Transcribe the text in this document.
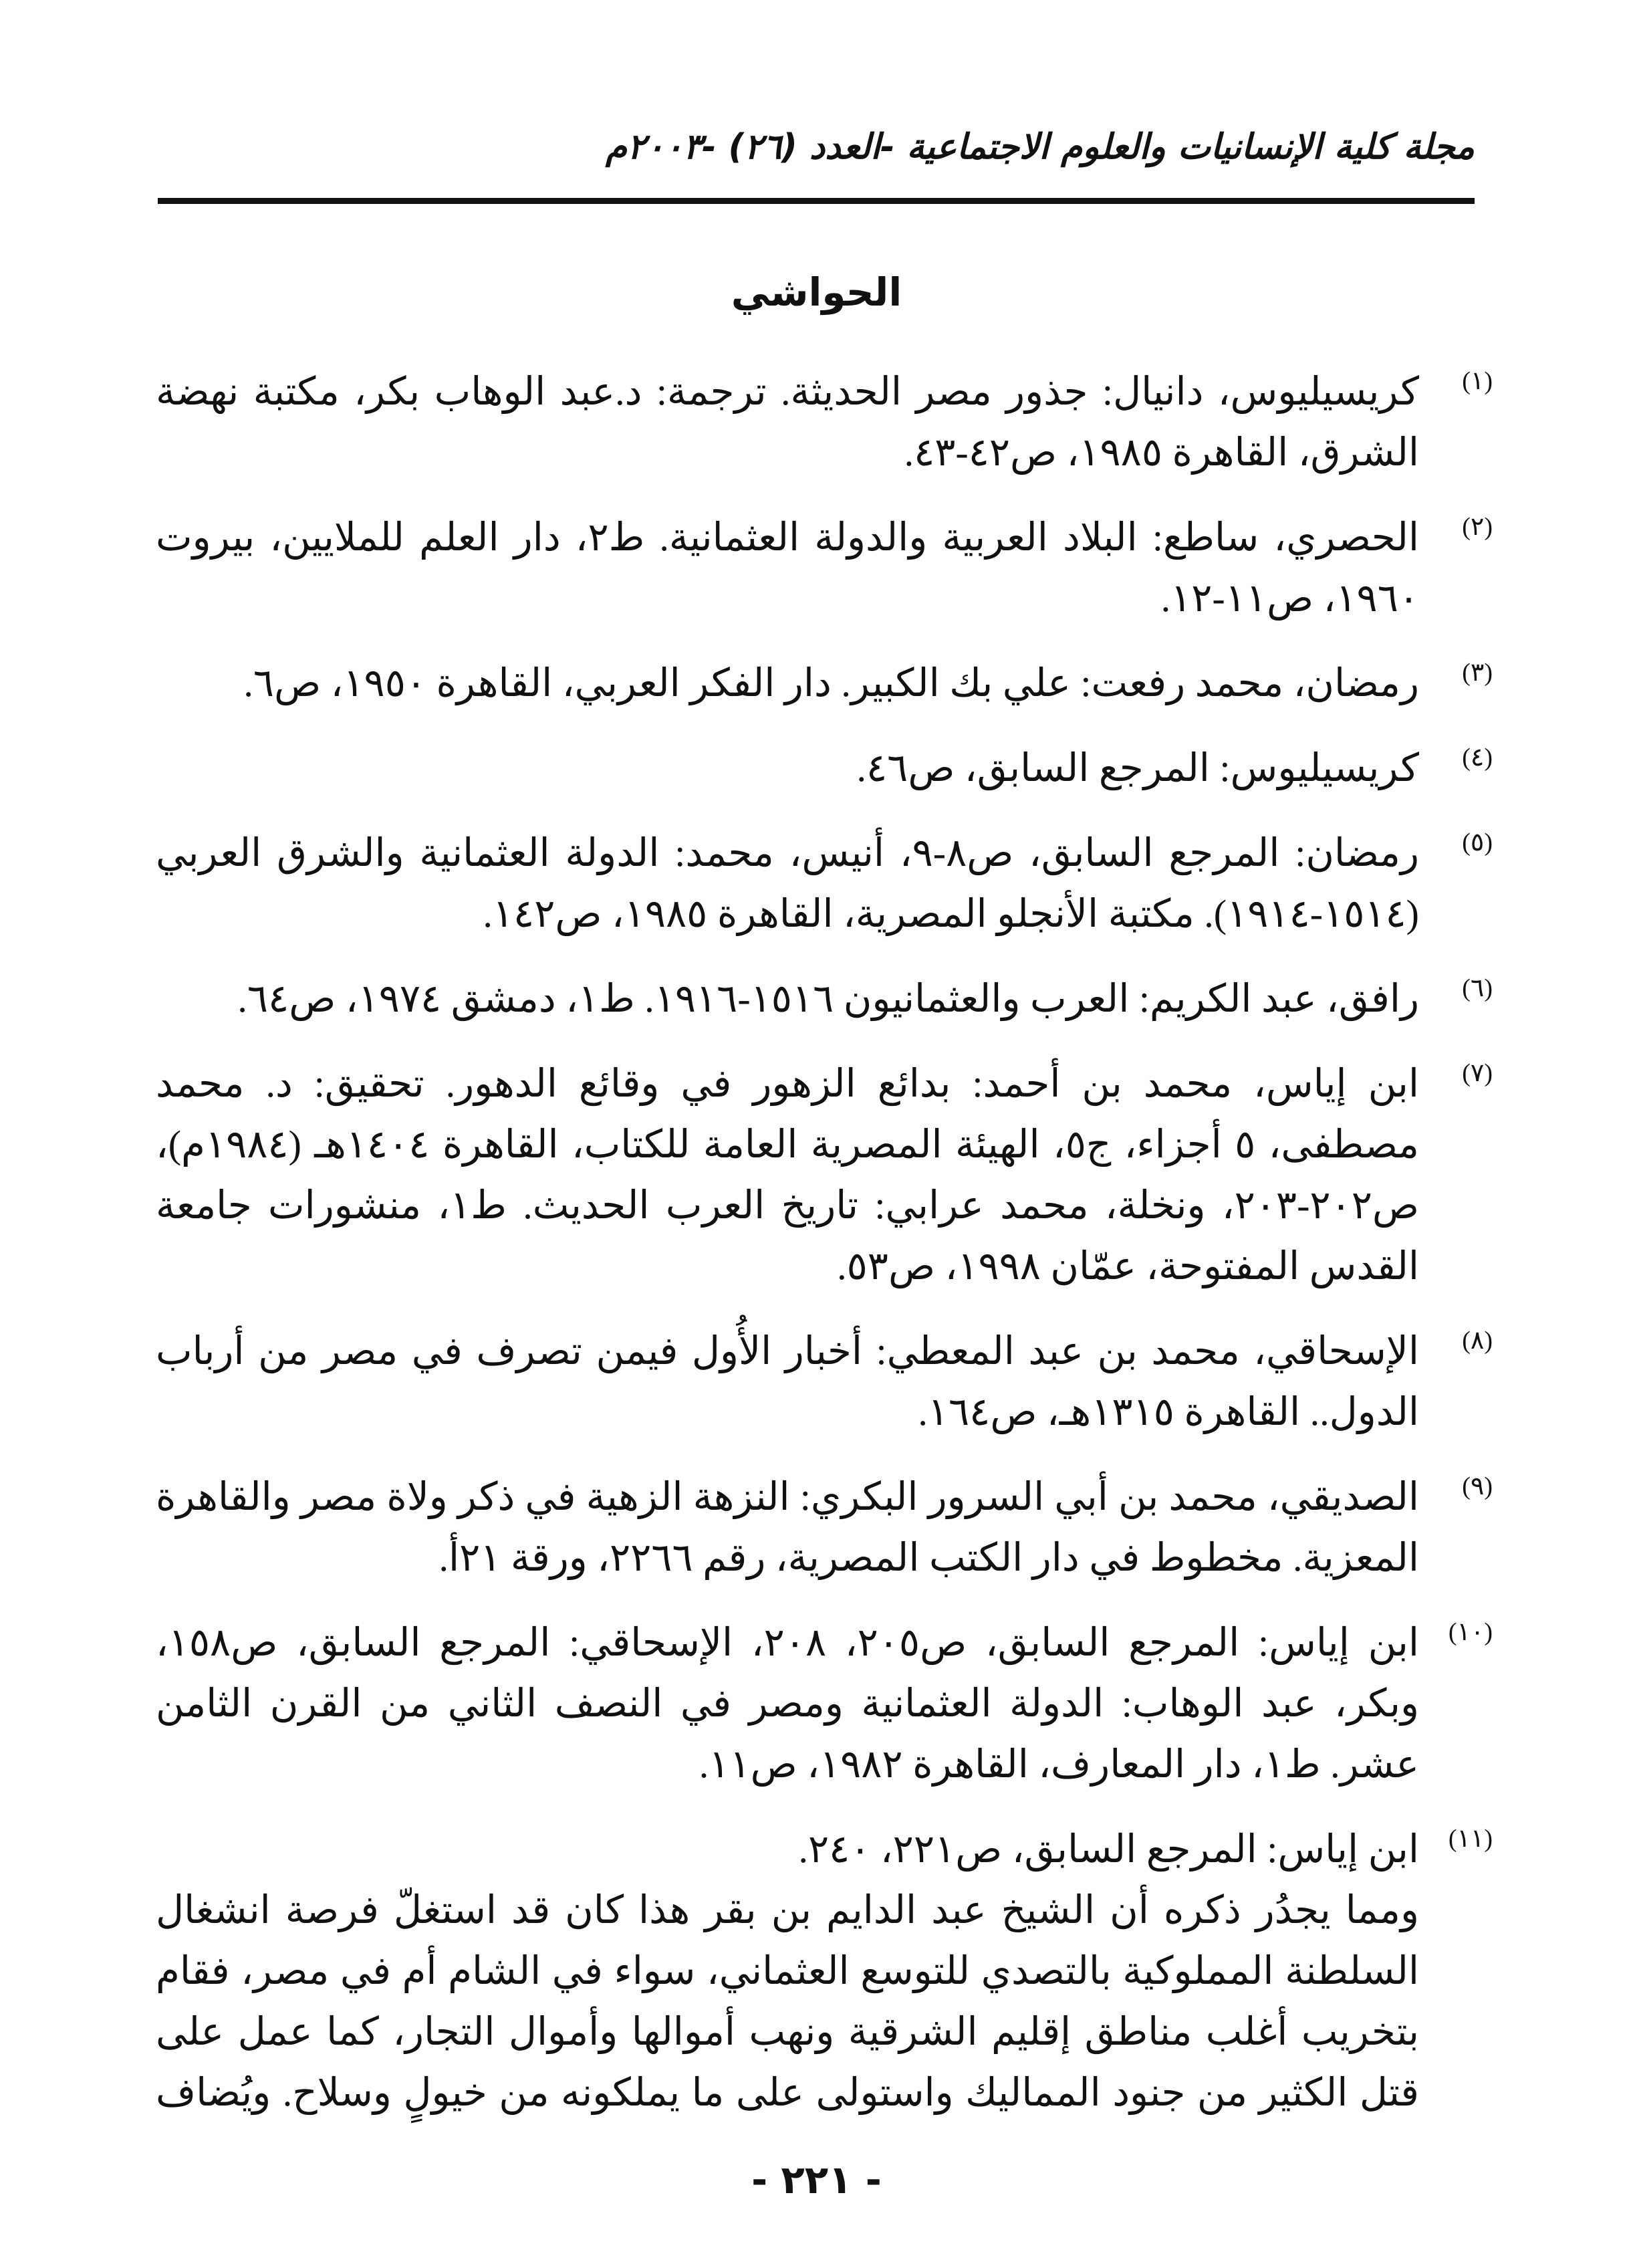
مجلة كلية الإنسانيات والعلوم الاجتماعية -العدد (٢٦) -٢٠٠٣م
الحواشي
(١)

كريسيليوس، دانيال: جذور مصر الحديثة. ترجمة: د.عبد الوهاب بكر، مكتبة نهضة الشرق، القاهرة ١٩٨٥، ص٤٢-٤٣.

(٢)

الحصري، ساطع: البلاد العربية والدولة العثمانية. ط٢، دار العلم للملايين، بيروت ١٩٦٠، ص١١-١٢.

(٣)

رمضان، محمد رفعت: علي بك الكبير. دار الفكر العربي، القاهرة ١٩٥٠، ص٦.

(٤)

كريسيليوس: المرجع السابق، ص٤٦.

(٥)

رمضان: المرجع السابق، ص٨-٩، أنيس، محمد: الدولة العثمانية والشرق العربي (١٥١٤-١٩١٤). مكتبة الأنجلو المصرية، القاهرة ١٩٨٥، ص١٤٢.

(٦)

رافق، عبد الكريم: العرب والعثمانيون ١٥١٦-١٩١٦. ط١، دمشق ١٩٧٤، ص٦٤.

(٧)

ابن إياس، محمد بن أحمد: بدائع الزهور في وقائع الدهور. تحقيق: د. محمد مصطفى، ٥ أجزاء، ج٥، الهيئة المصرية العامة للكتاب، القاهرة ١٤٠٤هـ (١٩٨٤م)، ص٢٠٢-٢٠٣، ونخلة، محمد عرابي: تاريخ العرب الحديث. ط١، منشورات جامعة القدس المفتوحة، عمّان ١٩٩٨، ص٥٣.

(٨)

الإسحاقي، محمد بن عبد المعطي: أخبار الأُول فيمن تصرف في مصر من أرباب الدول.. القاهرة ١٣١٥هـ، ص١٦٤.

(٩)

الصديقي، محمد بن أبي السرور البكري: النزهة الزهية في ذكر ولاة مصر والقاهرة المعزية. مخطوط في دار الكتب المصرية، رقم ٢٢٦٦، ورقة ٢١أ.

(١٠)

ابن إياس: المرجع السابق، ص٢٠٥، ٢٠٨، الإسحاقي: المرجع السابق، ص١٥٨، وبكر، عبد الوهاب: الدولة العثمانية ومصر في النصف الثاني من القرن الثامن عشر. ط١، دار المعارف، القاهرة ١٩٨٢، ص١١.

(١١)

ابن إياس: المرجع السابق، ص٢٢١، ٢٤٠.

ومما يجدُر ذكره أن الشيخ عبد الدايم بن بقر هذا كان قد استغلّ فرصة انشغال السلطنة المملوكية بالتصدي للتوسع العثماني، سواء في الشام أم في مصر، فقام بتخريب أغلب مناطق إقليم الشرقية ونهب أموالها وأموال التجار، كما عمل على قتل الكثير من جنود المماليك واستولى على ما يملكونه من خيولٍ وسلاح. ويُضاف

- ٢٢١ -
